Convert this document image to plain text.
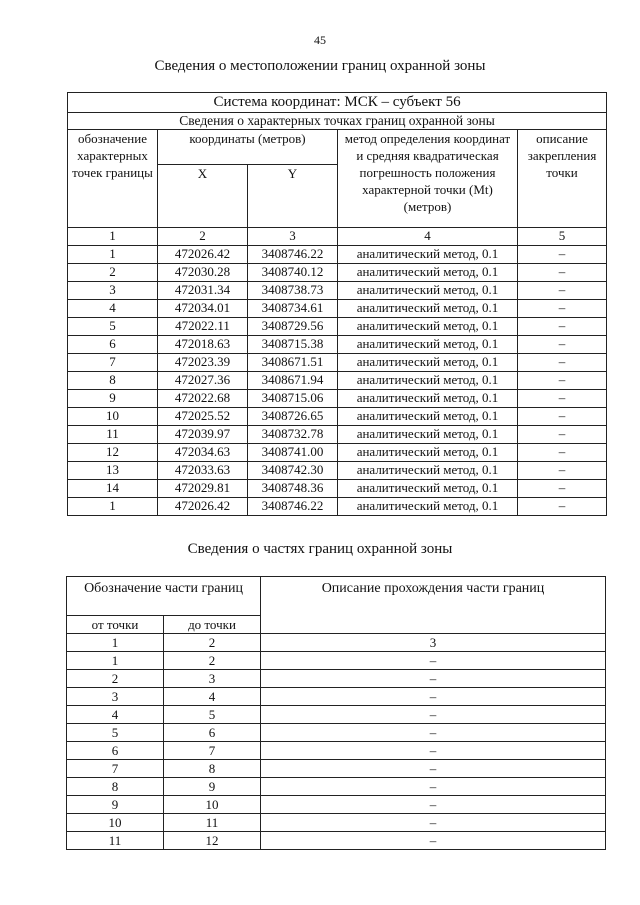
45
Сведения о местоположении границ охранной зоны
Система координат: МСК – субъект 56				
Сведения о характерных точках границ охранной зоны				
обозначение характерных точек границы	координаты (метров)		метод определения координат и средняя квадратическая погрешность положения характерной точки (Mt) (метров)	описание закрепления точки
	X	Y		
1	2	3	4	5
1	472026.42	3408746.22	аналитический метод, 0.1	–
2	472030.28	3408740.12	аналитический метод, 0.1	–
3	472031.34	3408738.73	аналитический метод, 0.1	–
4	472034.01	3408734.61	аналитический метод, 0.1	–
5	472022.11	3408729.56	аналитический метод, 0.1	–
6	472018.63	3408715.38	аналитический метод, 0.1	–
7	472023.39	3408671.51	аналитический метод, 0.1	–
8	472027.36	3408671.94	аналитический метод, 0.1	–
9	472022.68	3408715.06	аналитический метод, 0.1	–
10	472025.52	3408726.65	аналитический метод, 0.1	–
11	472039.97	3408732.78	аналитический метод, 0.1	–
12	472034.63	3408741.00	аналитический метод, 0.1	–
13	472033.63	3408742.30	аналитический метод, 0.1	–
14	472029.81	3408748.36	аналитический метод, 0.1	–
1	472026.42	3408746.22	аналитический метод, 0.1	–
Сведения о частях границ охранной зоны
Обозначение части границ		Описание прохождения части границ
от точки	до точки	
1	2	3
1	2	–
2	3	–
3	4	–
4	5	–
5	6	–
6	7	–
7	8	–
8	9	–
9	10	–
10	11	–
11	12	–
